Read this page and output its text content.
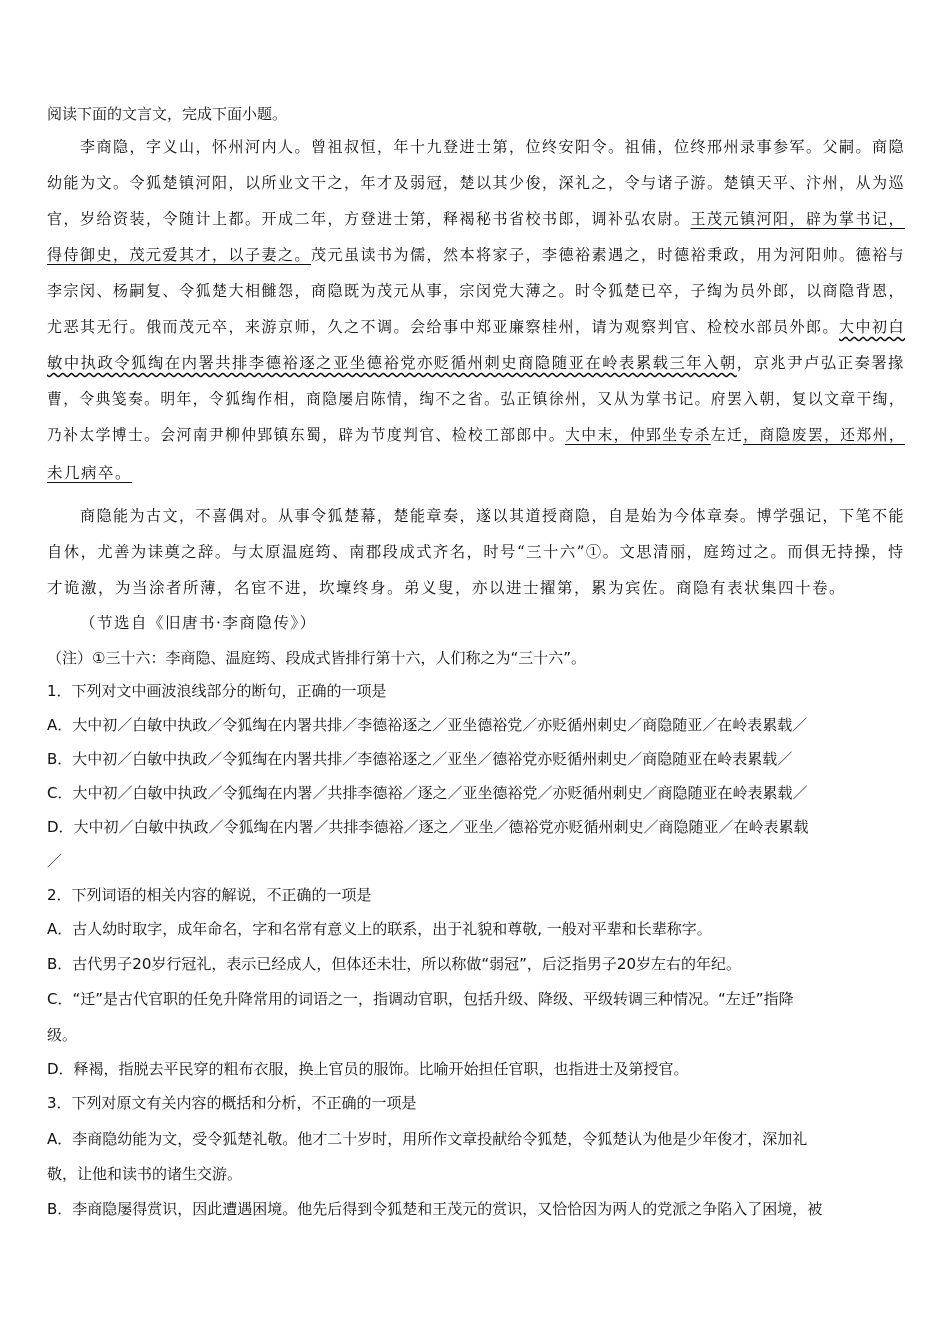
阅读下面的文言文，完成下面小题。
李商隐，字义山，怀州河内人。曾祖叔恒，年十九登进士第，位终安阳令。祖俌，位终邢州录事参军。父嗣。商隐
幼能为文。令狐楚镇河阳，以所业文干之，年才及弱冠，楚以其少俊，深礼之，令与诸子游。楚镇天平、汴州，从为巡
官，岁给资装，令随计上都。开成二年，方登进士第，释褐秘书省校书郎，调补弘农尉。王茂元镇河阳，辟为掌书记，
得侍御史，茂元爱其才，以子妻之。茂元虽读书为儒，然本将家子，李德裕素遇之，时德裕秉政，用为河阳帅。德裕与
李宗闵、杨嗣复、令狐楚大相雠怨，商隐既为茂元从事，宗闵党大薄之。时令狐楚已卒，子绹为员外郎，以商隐背恩，
尤恶其无行。俄而茂元卒，来游京师，久之不调。会给事中郑亚廉察桂州，请为观察判官、检校水部员外郎。大中初白
敏中执政令狐绹在内署共排李德裕逐之亚坐德裕党亦贬循州刺史商隐随亚在岭表累载三年入朝，京兆尹卢弘正奏署掾
曹，令典笺奏。明年，令狐绹作相，商隐屡启陈情，绹不之省。弘正镇徐州，又从为掌书记。府罢入朝，复以文章干绹，
乃补太学博士。会河南尹柳仲郢镇东蜀，辟为节度判官、检校工部郎中。大中末，仲郢坐专杀左迁，商隐废罢，还郑州，
未几病卒。
商隐能为古文，不喜偶对。从事令狐楚幕，楚能章奏，遂以其道授商隐，自是始为今体章奏。博学强记，下笔不能
自休，尤善为诔奠之辞。与太原温庭筠、南郡段成式齐名，时号“三十六”①。文思清丽，庭筠过之。而俱无持操，恃
才诡激，为当涂者所薄，名宦不进，坎壈终身。弟义叟，亦以进士擢第，累为宾佐。商隐有表状集四十卷。
（节选自《旧唐书·李商隐传》）
（注）①三十六：李商隐、温庭筠、段成式皆排行第十六，人们称之为“三十六”。
1．下列对文中画波浪线部分的断句，正确的一项是
A．大中初／白敏中执政／令狐绹在内署共排／李德裕逐之／亚坐德裕党／亦贬循州刺史／商隐随亚／在岭表累载／
B．大中初／白敏中执政／令狐绹在内署共排／李德裕逐之／亚坐／德裕党亦贬循州刺史／商隐随亚在岭表累载／
C．大中初／白敏中执政／令狐绹在内署／共排李德裕／逐之／亚坐德裕党／亦贬循州刺史／商隐随亚在岭表累载／
D．大中初／白敏中执政／令狐绹在内署／共排李德裕／逐之／亚坐／德裕党亦贬循州刺史／商隐随亚／在岭表累载
／
2．下列词语的相关内容的解说，不正确的一项是
A．古人幼时取字，成年命名，字和名常有意义上的联系，出于礼貌和尊敬, 一般对平辈和长辈称字。
B．古代男子20岁行冠礼，表示已经成人，但体还未壮，所以称做“弱冠”，后泛指男子20岁左右的年纪。
C．“迁”是古代官职的任免升降常用的词语之一，指调动官职，包括升级、降级、平级转调三种情况。“左迁”指降
级。
D．释褐，指脱去平民穿的粗布衣服，换上官员的服饰。比喻开始担任官职，也指进士及第授官。
3．下列对原文有关内容的概括和分析，不正确的一项是
A．李商隐幼能为文，受令狐楚礼敬。他才二十岁时，用所作文章投献给令狐楚，令狐楚认为他是少年俊才，深加礼
敬，让他和读书的诸生交游。
B．李商隐屡得赏识，因此遭遇困境。他先后得到令狐楚和王茂元的赏识，又恰恰因为两人的党派之争陷入了困境，被
